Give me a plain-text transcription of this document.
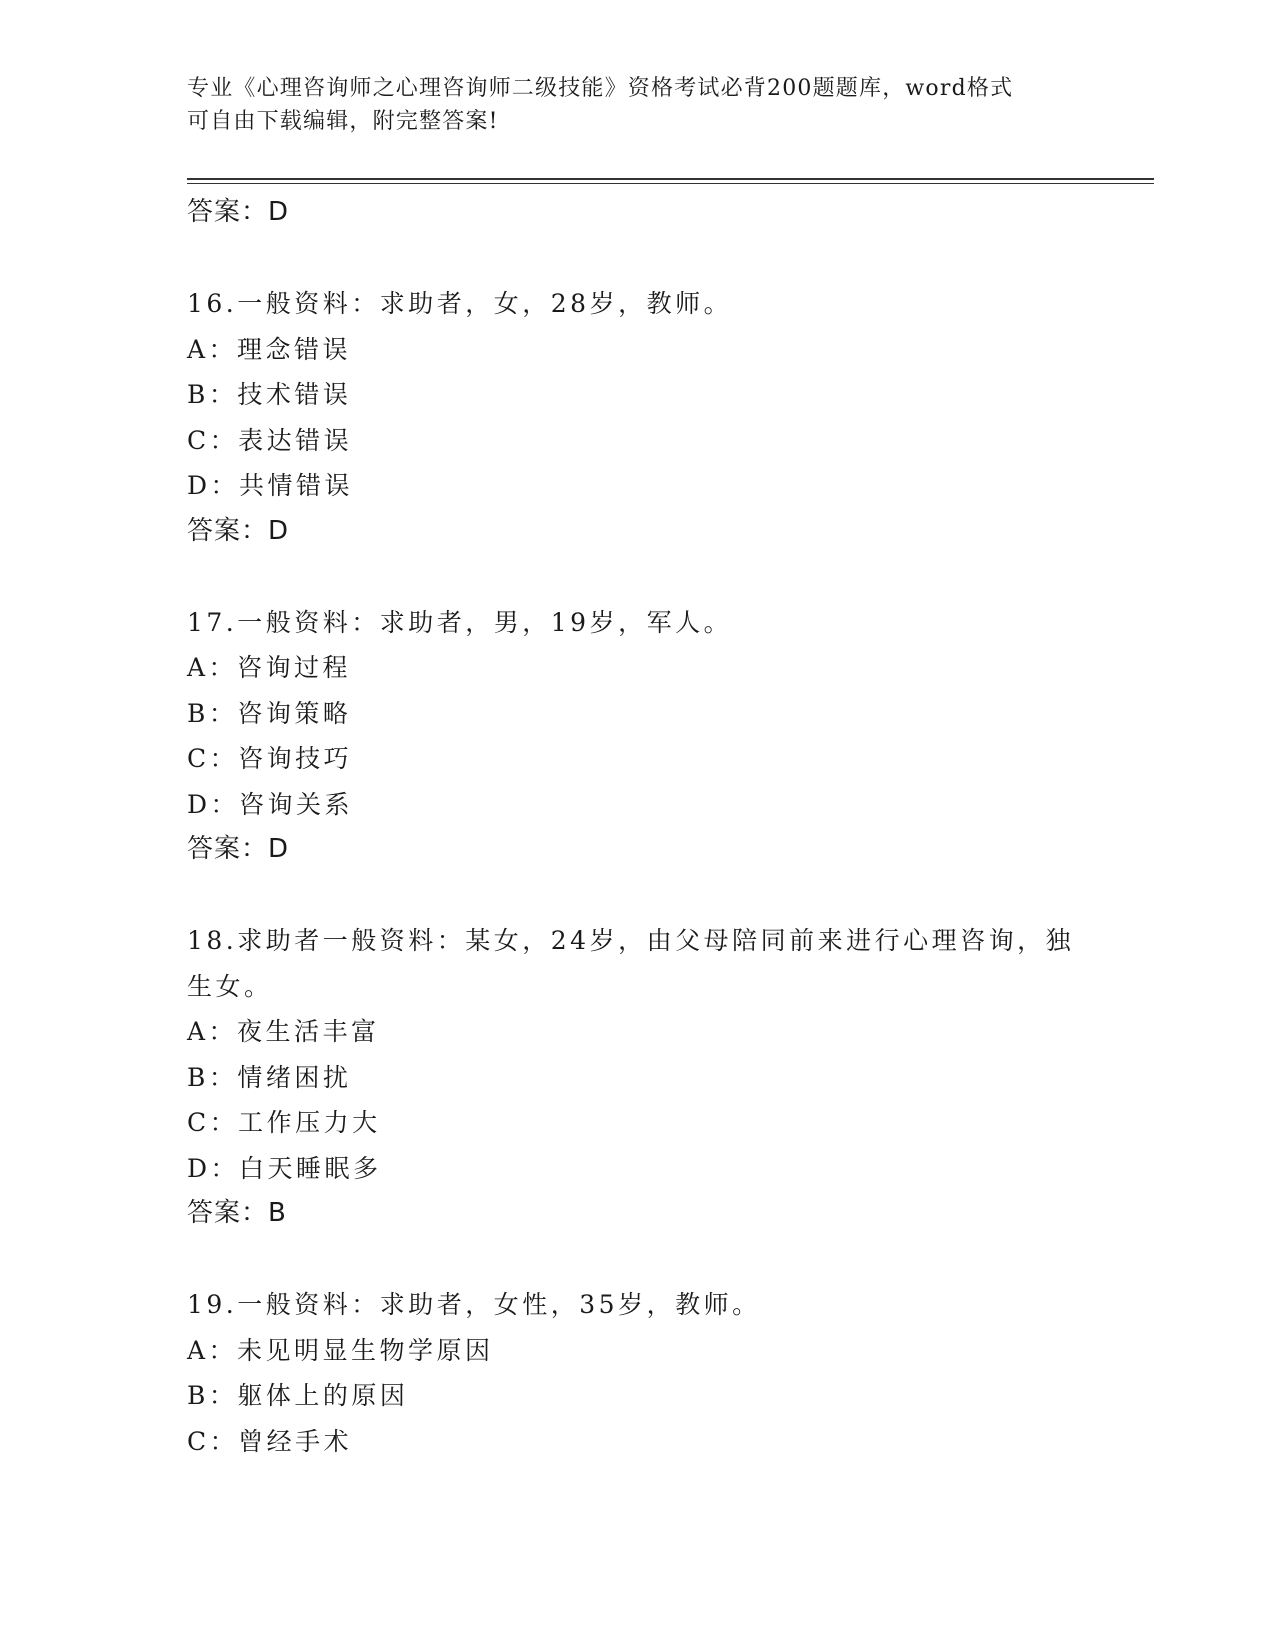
专业《心理咨询师之心理咨询师二级技能》资格考试必背200题题库，word格式
可自由下载编辑，附完整答案!
答案：D
16.一般资料：求助者，女，28岁，教师。
A：理念错误
B：技术错误
C：表达错误
D：共情错误
答案：D
17.一般资料：求助者，男，19岁，军人。
A：咨询过程
B：咨询策略
C：咨询技巧
D：咨询关系
答案：D
18.求助者一般资料：某女，24岁，由父母陪同前来进行心理咨询，独
生女。
A：夜生活丰富
B：情绪困扰
C：工作压力大
D：白天睡眠多
答案：B
19.一般资料：求助者，女性，35岁，教师。
A：未见明显生物学原因
B：躯体上的原因
C：曾经手术
